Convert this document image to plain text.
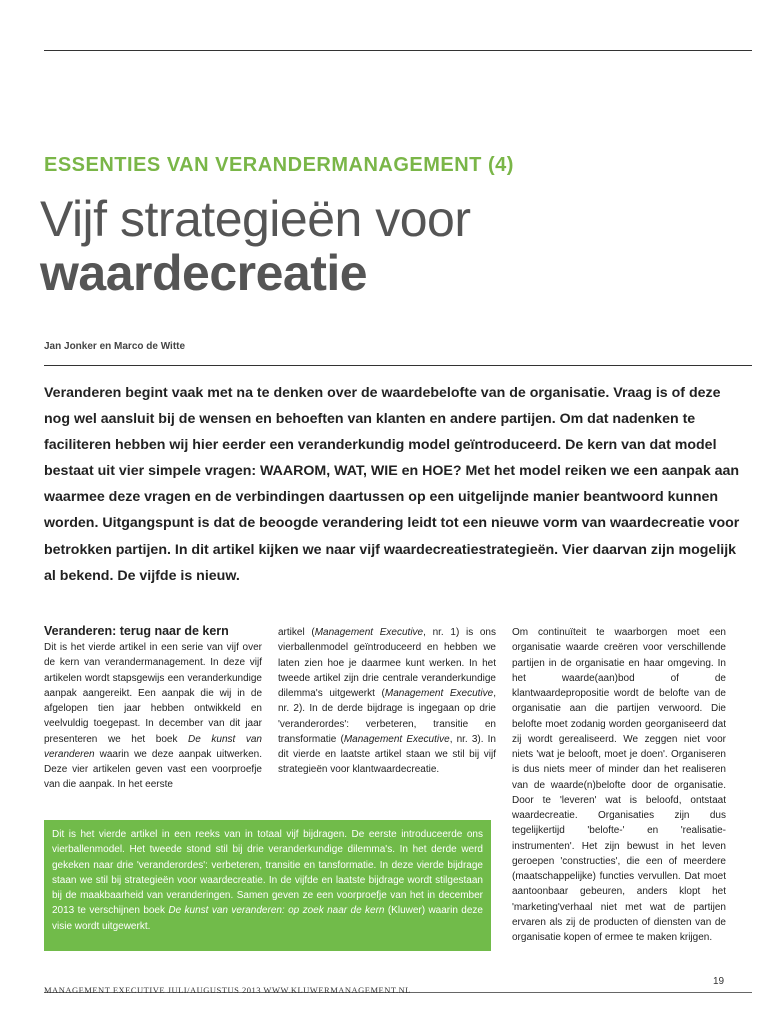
ESSENTIES VAN VERANDERMANAGEMENT (4)
Vijf strategieën voor
waardecreatie

Jan Jonker en Marco de Witte

Veranderen begint vaak met na te denken over de waardebelofte van de organisatie. Vraag is of deze nog wel aansluit bij de wensen en behoeften van klanten en andere partijen. Om dat nadenken te faciliteren hebben wij hier eerder een veranderkundig model geïntroduceerd. De kern van dat model bestaat uit vier simpele vragen: WAAROM, WAT, WIE en HOE? Met het model reiken we een aanpak aan waarmee deze vragen en de verbindingen daartussen op een uitgelijnde manier beantwoord kunnen worden. Uitgangspunt is dat de beoogde verandering leidt tot een nieuwe vorm van waardecreatie voor betrokken partijen. In dit artikel kijken we naar vijf waardecreatiestrategieën. Vier daarvan zijn mogelijk al bekend. De vijfde is nieuw.

Veranderen: terug naar de kern

Dit is het vierde artikel in een serie van vijf over de kern van verandermanagement. In deze vijf artikelen wordt stapsgewijs een veranderkundige aanpak aangereikt. Een aanpak die wij in de afgelopen tien jaar hebben ontwikkeld en veelvuldig toegepast. In december van dit jaar presenteren we het boek De kunst van veranderen waarin we deze aanpak uitwerken. Deze vier artikelen geven vast een voorproefje van die aanpak. In het eerste

artikel (Management Executive, nr. 1) is ons vierballenmodel geïntroduceerd en hebben we laten zien hoe je daarmee kunt werken. In het tweede artikel zijn drie centrale veranderkundige dilemma's uitgewerkt (Management Executive, nr. 2). In de derde bijdrage is ingegaan op drie 'veranderordes': verbeteren, transitie en transformatie (Management Executive, nr. 3). In dit vierde en laatste artikel staan we stil bij vijf strategieën voor klantwaardecreatie.

Om continuïteit te waarborgen moet een organisatie waarde creëren voor verschillende partijen in de organisatie en haar omgeving. In het waarde(aan)bod of de klantwaardepropositie wordt de belofte van de organisatie aan die partijen verwoord. Die belofte moet zodanig worden georganiseerd dat zij wordt gerealiseerd. We zeggen niet voor niets 'wat je belooft, moet je doen'. Organiseren is dus niets meer of minder dan het realiseren van de waarde(n)belofte door de organisatie. Door te 'leveren' wat is beloofd, ontstaat waardecreatie. Organisaties zijn dus tegelijkertijd 'belofte-' en 'realisatie-instrumenten'. Het zijn bewust in het leven geroepen 'constructies', die een of meerdere (maatschappelijke) functies vervullen. Dat moet aantoonbaar gebeuren, anders klopt het 'marketing'verhaal niet met wat de partijen ervaren als zij de producten of diensten van de organisatie kopen of ermee te maken krijgen.

Dit is het vierde artikel in een reeks van in totaal vijf bijdragen. De eerste introduceerde ons vierballenmodel. Het tweede stond stil bij drie veranderkundige dilemma's. In het derde werd gekeken naar drie 'veranderordes': verbeteren, transitie en tansformatie. In deze vierde bijdrage staan we stil bij strategieën voor waardecreatie. In de vijfde en laatste bijdrage wordt stilgestaan bij de maakbaarheid van veranderingen. Samen geven ze een voorproefje van het in december 2013 te verschijnen boek De kunst van veranderen: op zoek naar de kern (Kluwer) waarin deze visie wordt uitgewerkt.

19

MANAGEMENT EXECUTIVE JULI/AUGUSTUS 2013 WWW.KLUWERMANAGEMENT.NL
